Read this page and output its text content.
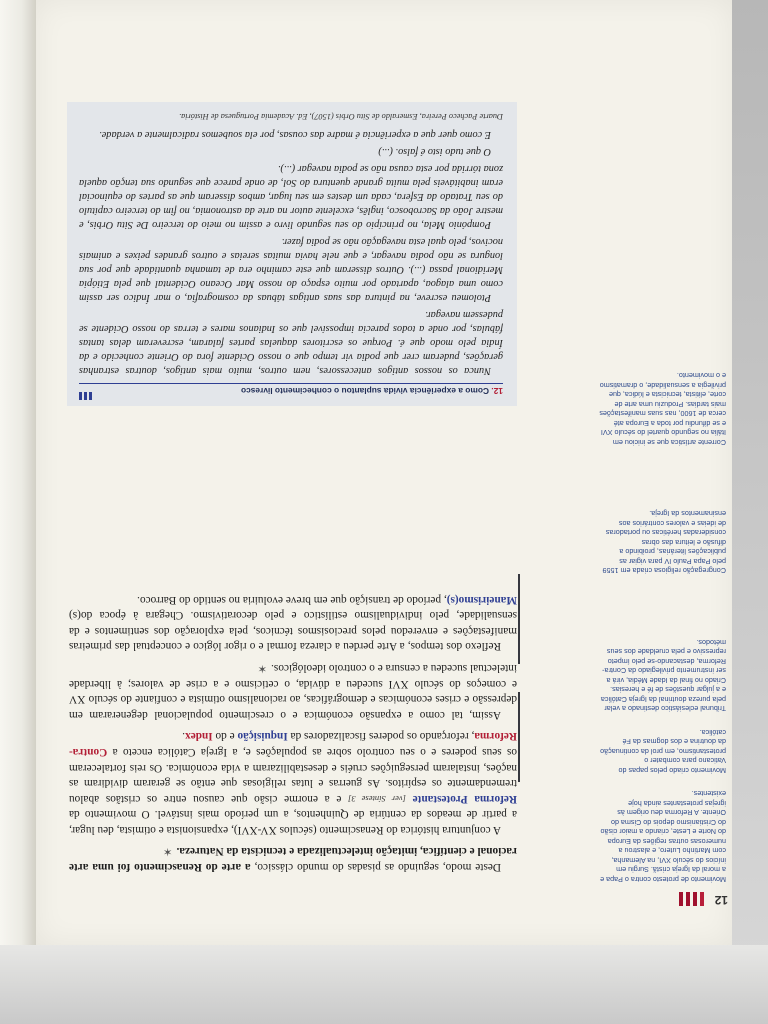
12

Movimento de protesto contra o Papa e a moral da Igreja cristã. Surgiu em inícios do século XVI, na Alemanha, com Martinho Lutero, e alastrou a numerosas outras regiões da Europa do Norte e Leste, criando a maior cisão do Cristianismo depois do Cisma do Oriente. A Reforma deu origem às igrejas protestantes ainda hoje existentes.

Movimento criado pelos papas do Vaticano para combater o protestantismo, em prol da continuação da doutrina e dos dogmas da Fé católica.

Tribunal eclesiástico destinado a velar pela pureza doutrinal da Igreja Católica e a julgar questões de fé e heresias. Criado no final da Idade Média, virá a ser instrumento privilegiado da Contra-Reforma, destacando-se pelo ímpeto repressivo e pela crueldade dos seus métodos.

Congregação religiosa criada em 1559 pelo Papa Paulo IV para vigiar as publicações literárias, proibindo a difusão e leitura das obras consideradas heréticas ou portadoras de ideias e valores contrários aos ensinamentos da Igreja.

Corrente artística que se iniciou em Itália no segundo quartel do século XVI e se difundiu por toda a Europa até cerca de 1600, nas suas manifestações mais tardias. Produziu uma arte de corte, elitista, tecnicista e lúdica, que privilegia a sensualidade, o dramatismo e o movimento.

Deste modo, seguindo as pisadas do mundo clássico, a arte do Renascimento foi uma arte racional e científica, imitação intelectualizada e tecnicista da Natureza.✶

A conjuntura histórica do Renascimento (séculos XV-XVI), expansionista e otimista, deu lugar, a partir de meados da centúria de Quinhentos, a um período mais instável. O movimento da Reforma Protestante [ver Síntese 3] e a enorme cisão que causou entre os cristãos abalou tremendamente os espíritos. As guerras e lutas religiosas que então se geraram dividiram as nações, instalaram perseguições cruéis e desestabilizaram a vida económica. Os reis fortaleceram os seus poderes e o seu controlo sobre as populações e, a Igreja Católica enceto a Contra-Reforma, reforçando os poderes fiscalizadores da Inquisição e do Index.

Assim, tal como a expansão económica e o crescimento populacional degeneraram em depressão e crises económicas e demográficas, ao racionalismo otimista e confiante do século XV e começos do século XVI sucedeu a dúvida, o ceticismo e a crise de valores; à liberdade intelectual sucedeu a censura e o controlo ideológicos.✶

Reflexo dos tempos, a Arte perdeu a clareza formal e o rigor lógico e conceptual das primeiras manifestações e enveredou pelos preciosismos técnicos, pela exploração dos sentimentos e da sensualidade, pelo individualismo estilístico e pelo decorativismo. Chegara à época do(s) Maneirismo(s), período de transição que em breve evoluiria no sentido do Barroco.

12. Como a experiência vivida suplantou o conhecimento livresco

Nunca os nossos antigos antecessores, nem outros, muito mais antigos, doutras estranhas gerações, puderam crer que podia vir tempo que o nosso Ocidente fora do Oriente conhecido e da Índia pelo modo que é. Porque os escritores daquelas partes falaram, escreveram delas tantas fábulas, por onde a todos parecia impossível que os Indianos mares e terras do nosso Ocidente se pudessem navegar.

Ptolomeu escreve, na pintura das suas antigas tábuas da cosmografia, o mar Índico ser assim como uma alagoa, apartado por muito espaço do nosso Mar Oceano Ocidental que pela Etiópia Meridional passa (...). Outros disseram que este caminho era de tamanha quantidade que por sua longura se não podia navegar, e que nele havia muitas sereias e outros grandes peixes e animais nocivos, pelo qual esta navegação não se podia fazer.

Pompónio Mela, no princípio do seu segundo livro e assim no meio do terceiro De Situ Orbis, e mestre João da Sacrobosco, inglês, excelente autor na arte da astronomia, no fim do terceiro capítulo do seu Tratado da Esfera, cada um destes em seu lugar, ambos disseram que as partes do equinocial eram inabitáveis pela muita grande quentura do Sol, de onde parece que segundo sua tenção aquela zona tórrida por esta causa não se podia navegar (...).

O que tudo isto é falso. (...)

E como quer que a experiência é madre das cousas, por ela soubemos radicalmente a verdade.

Duarte Pacheco Pereira, Esmeraldo de Situ Orbis (1507), Ed. Academia Portuguesa de História.
